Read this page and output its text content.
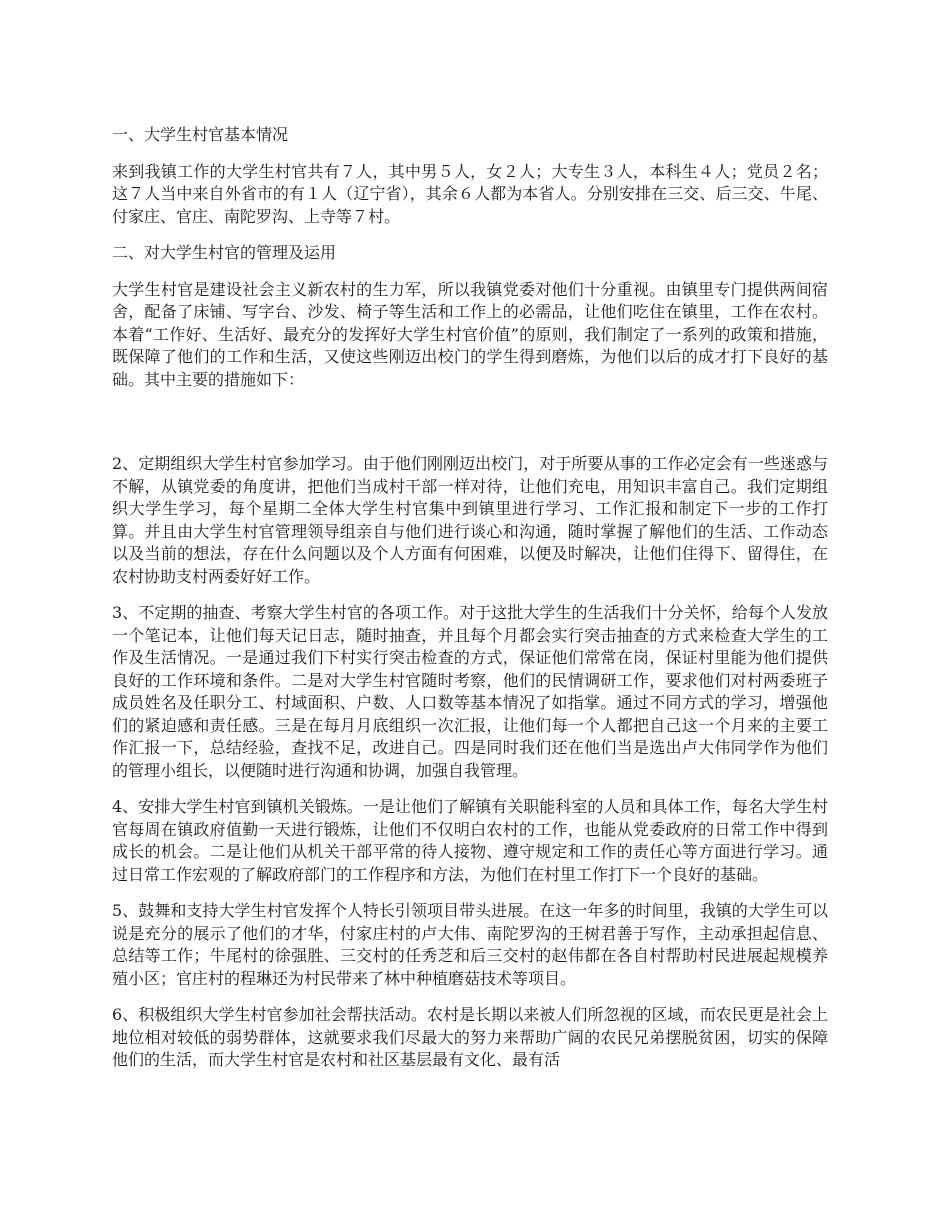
一、大学生村官基本情况

来到我镇工作的大学生村官共有７人，其中男５人，女２人；大专生３人，本科生４人；党员２名；这７人当中来自外省市的有１人（辽宁省），其余６人都为本省人。分别安排在三交、后三交、牛尾、付家庄、官庄、南陀罗沟、上寺等７村。

二、对大学生村官的管理及运用

大学生村官是建设社会主义新农村的生力军，所以我镇党委对他们十分重视。由镇里专门提供两间宿舍，配备了床铺、写字台、沙发、椅子等生活和工作上的必需品，让他们吃住在镇里，工作在农村。本着“工作好、生活好、最充分的发挥好大学生村官价值”的原则，我们制定了一系列的政策和措施，既保障了他们的工作和生活，又使这些刚迈出校门的学生得到磨炼，为他们以后的成才打下良好的基础。其中主要的措施如下：

2、定期组织大学生村官参加学习。由于他们刚刚迈出校门，对于所要从事的工作必定会有一些迷惑与不解，从镇党委的角度讲，把他们当成村干部一样对待，让他们充电，用知识丰富自己。我们定期组织大学生学习，每个星期二全体大学生村官集中到镇里进行学习、工作汇报和制定下一步的工作打算。并且由大学生村官管理领导组亲自与他们进行谈心和沟通，随时掌握了解他们的生活、工作动态以及当前的想法，存在什么问题以及个人方面有何困难，以便及时解决，让他们住得下、留得住，在农村协助支村两委好好工作。

3、不定期的抽查、考察大学生村官的各项工作。对于这批大学生的生活我们十分关怀，给每个人发放一个笔记本，让他们每天记日志，随时抽查，并且每个月都会实行突击抽查的方式来检查大学生的工作及生活情况。一是通过我们下村实行突击检查的方式，保证他们常常在岗，保证村里能为他们提供良好的工作环境和条件。二是对大学生村官随时考察，他们的民情调研工作，要求他们对村两委班子成员姓名及任职分工、村域面积、户数、人口数等基本情况了如指掌。通过不同方式的学习，增强他们的紧迫感和责任感。三是在每月月底组织一次汇报，让他们每一个人都把自己这一个月来的主要工作汇报一下，总结经验，查找不足，改进自己。四是同时我们还在他们当是选出卢大伟同学作为他们的管理小组长，以便随时进行沟通和协调，加强自我管理。

4、安排大学生村官到镇机关锻炼。一是让他们了解镇有关职能科室的人员和具体工作，每名大学生村官每周在镇政府值勤一天进行锻炼，让他们不仅明白农村的工作，也能从党委政府的日常工作中得到成长的机会。二是让他们从机关干部平常的待人接物、遵守规定和工作的责任心等方面进行学习。通过日常工作宏观的了解政府部门的工作程序和方法，为他们在村里工作打下一个良好的基础。

5、鼓舞和支持大学生村官发挥个人特长引领项目带头进展。在这一年多的时间里，我镇的大学生可以说是充分的展示了他们的才华，付家庄村的卢大伟、南陀罗沟的王树君善于写作，主动承担起信息、总结等工作；牛尾村的徐强胜、三交村的任秀芝和后三交村的赵伟都在各自村帮助村民进展起规模养殖小区；官庄村的程琳还为村民带来了林中种植磨菇技术等项目。

6、积极组织大学生村官参加社会帮扶活动。农村是长期以来被人们所忽视的区域，而农民更是社会上地位相对较低的弱势群体，这就要求我们尽最大的努力来帮助广阔的农民兄弟摆脱贫困，切实的保障他们的生活，而大学生村官是农村和社区基层最有文化、最有活
